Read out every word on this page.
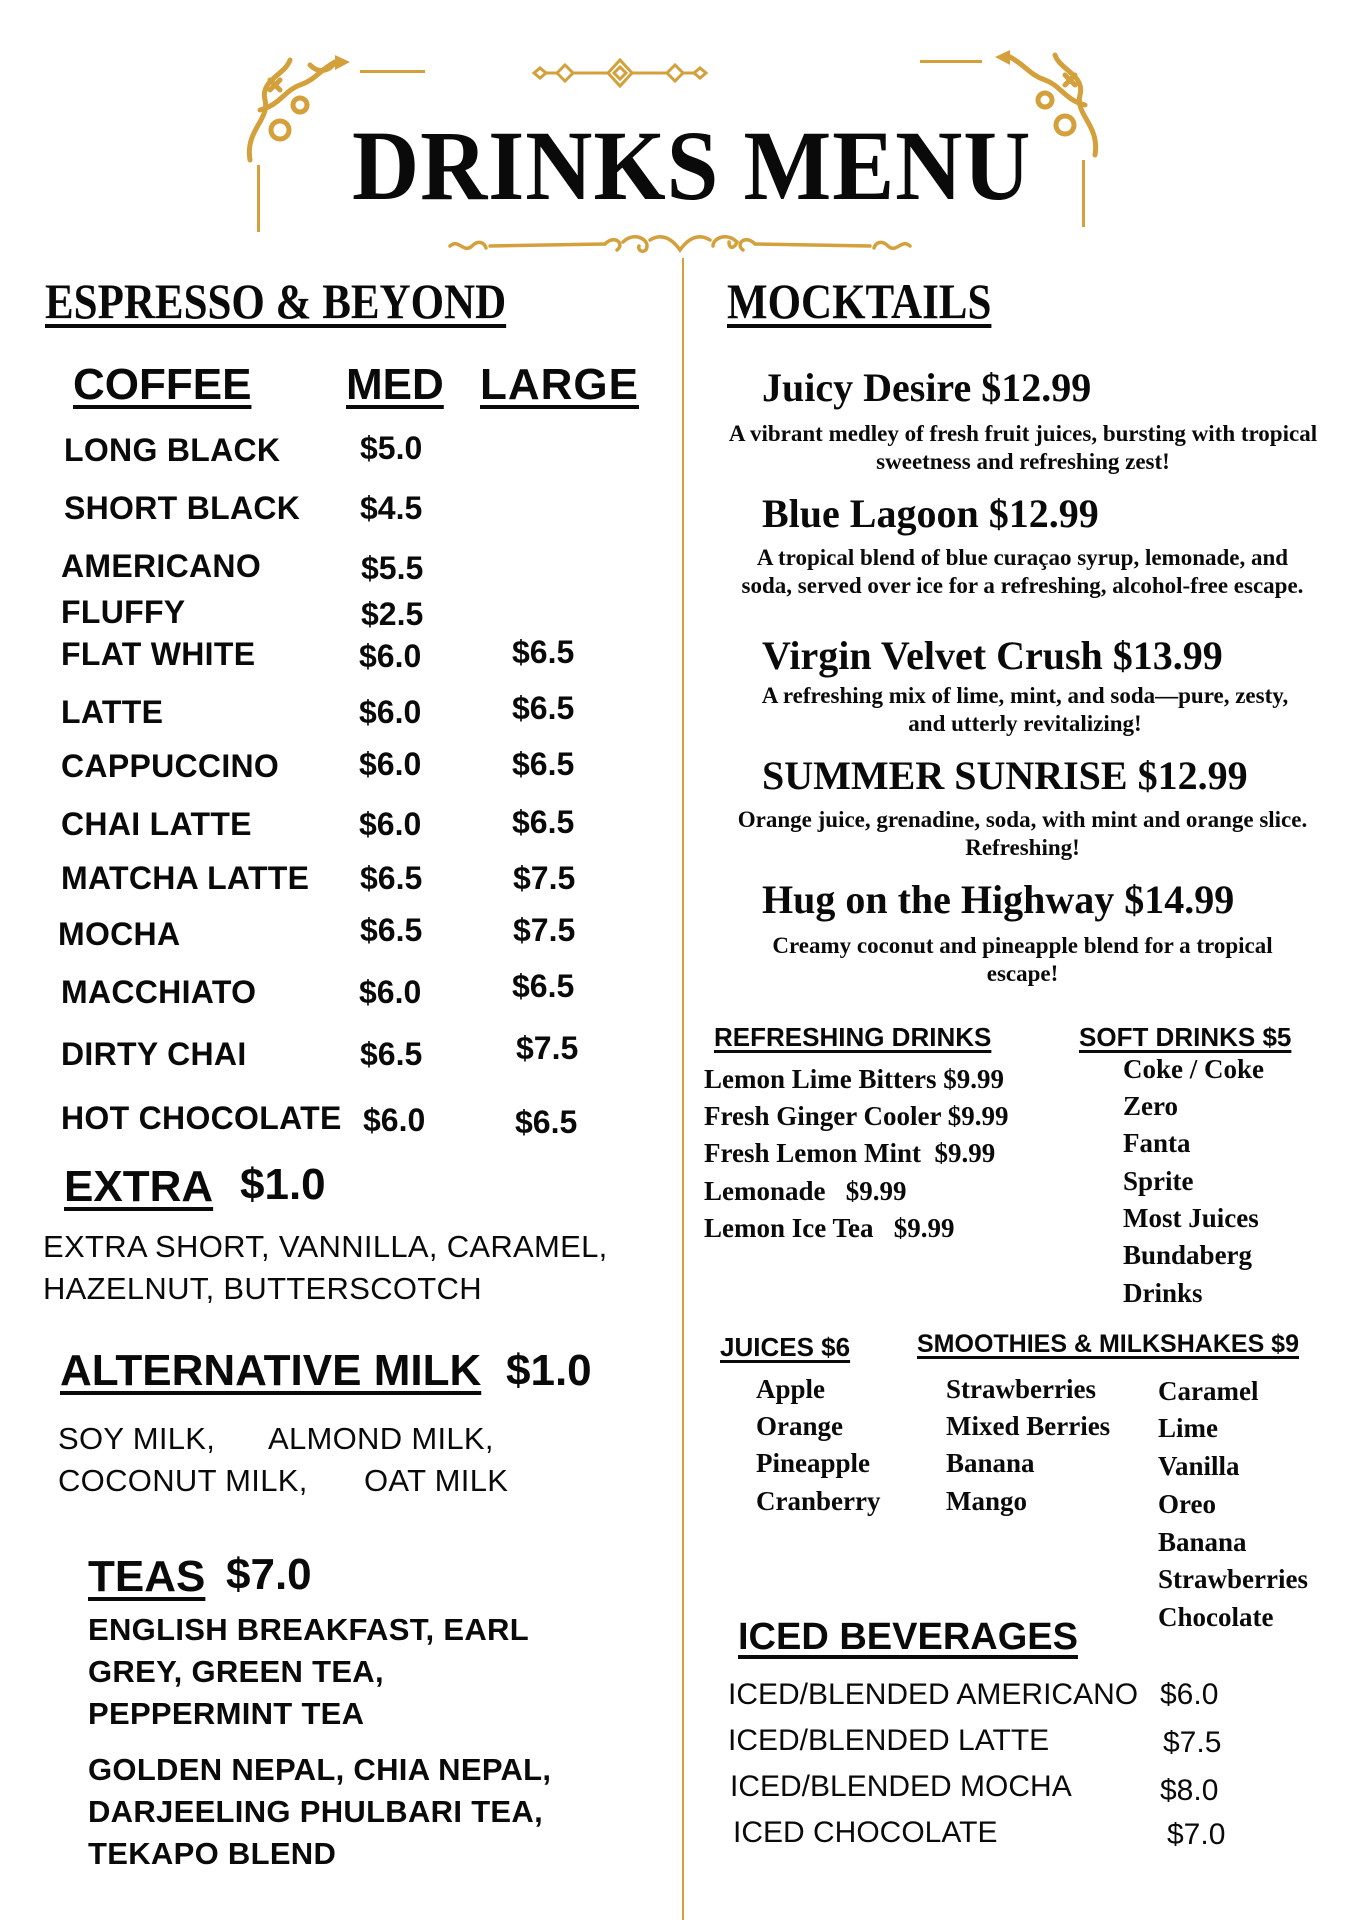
DRINKS MENU
ESPRESSO & BEYOND
COFFEE MED LARGE
LONG BLACK $5.0
SHORT BLACK $4.5
AMERICANO	$5.5
FLUFFY	$2.5
FLAT WHITE	$6.0	$6.5
LATTE	$6.0	$6.5
CAPPUCCINO $6.0	$6.5
CHAI LATTE	$6.0	$6.5
MATCHA LATTE $6.5	$7.5
MOCHA	$6.5	$7.5
MACCHIATO	$6.0	$6.5
DIRTY CHAI	$6.5	$7.5
HOT CHOCOLATE $6.0	$6.5
EXTRA $1.0
EXTRA SHORT, VANNILLA, CARAMEL,
HAZELNUT, BUTTERSCOTCH
ALTERNATIVE MILK $1.0
SOY MILK, ALMOND MILK,
COCONUT MILK, OAT MILK
TEAS $7.0
ENGLISH BREAKFAST, EARL
GREY, GREEN TEA,
PEPPERMINT TEA
GOLDEN NEPAL, CHIA NEPAL,
DARJEELING PHULBARI TEA,
TEKAPO BLEND
MOCKTAILS
Juicy Desire $12.99
A vibrant medley of fresh fruit juices, bursting with tropical sweetness and refreshing zest!
Blue Lagoon $12.99
A tropical blend of blue curaçao syrup, lemonade, and soda, served over ice for a refreshing, alcohol-free escape.
Virgin Velvet Crush $13.99
A refreshing mix of lime, mint, and soda—pure, zesty, and utterly revitalizing!
SUMMER SUNRISE $12.99
Orange juice, grenadine, soda, with mint and orange slice. Refreshing!
Hug on the Highway $14.99
Creamy coconut and pineapple blend for a tropical escape!
REFRESHING DRINKS
Lemon Lime Bitters $9.99
Fresh Ginger Cooler $9.99
Fresh Lemon Mint  $9.99
Lemonade   $9.99
Lemon Ice Tea   $9.99
SOFT DRINKS $5
Coke / Coke
Zero
Fanta
Sprite
Most Juices
Bundaberg
Drinks
JUICES $6
Apple
Orange
Pineapple
Cranberry
SMOOTHIES & MILKSHAKES $9
Strawberries
Mixed Berries
Banana
Mango
Caramel
Lime
Vanilla
Oreo
Banana
Strawberries
Chocolate
ICED BEVERAGES
ICED/BLENDED AMERICANO $6.0
ICED/BLENDED LATTE	$7.5
ICED/BLENDED MOCHA	$8.0
ICED CHOCOLATE	$7.0
